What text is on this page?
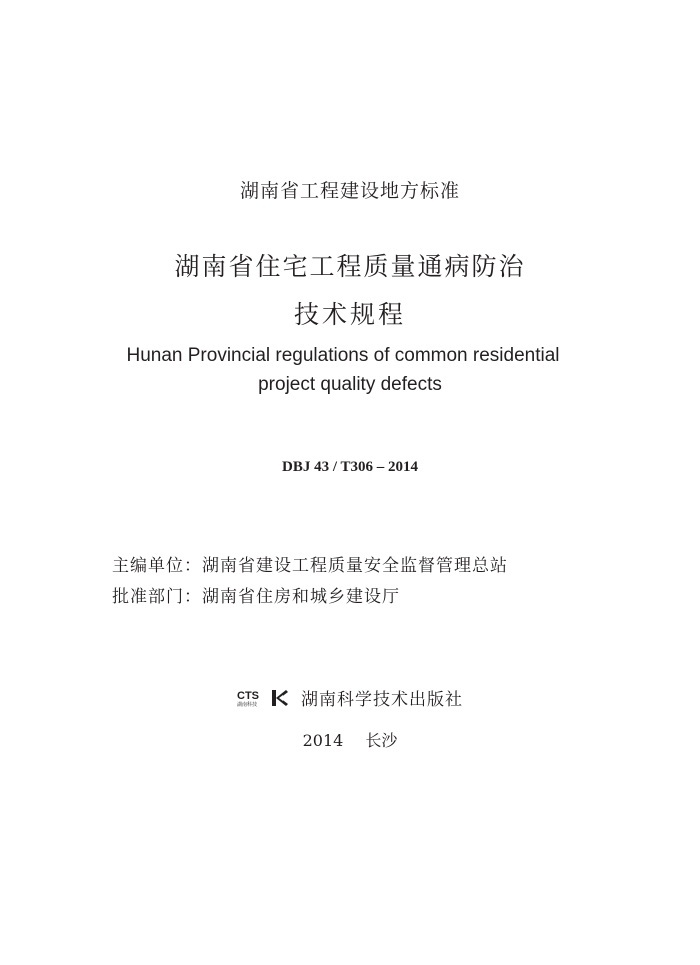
湖南省工程建设地方标准
湖南省住宅工程质量通病防治
技术规程
Hunan Provincial regulations of common residential
project quality defects
DBJ 43 / T306 – 2014
主编单位：湖南省建设工程质量安全监督管理总站
批准部门：湖南省住房和城乡建设厅
CTS
湖南科技	湖南科学技术出版社
2014 长沙
